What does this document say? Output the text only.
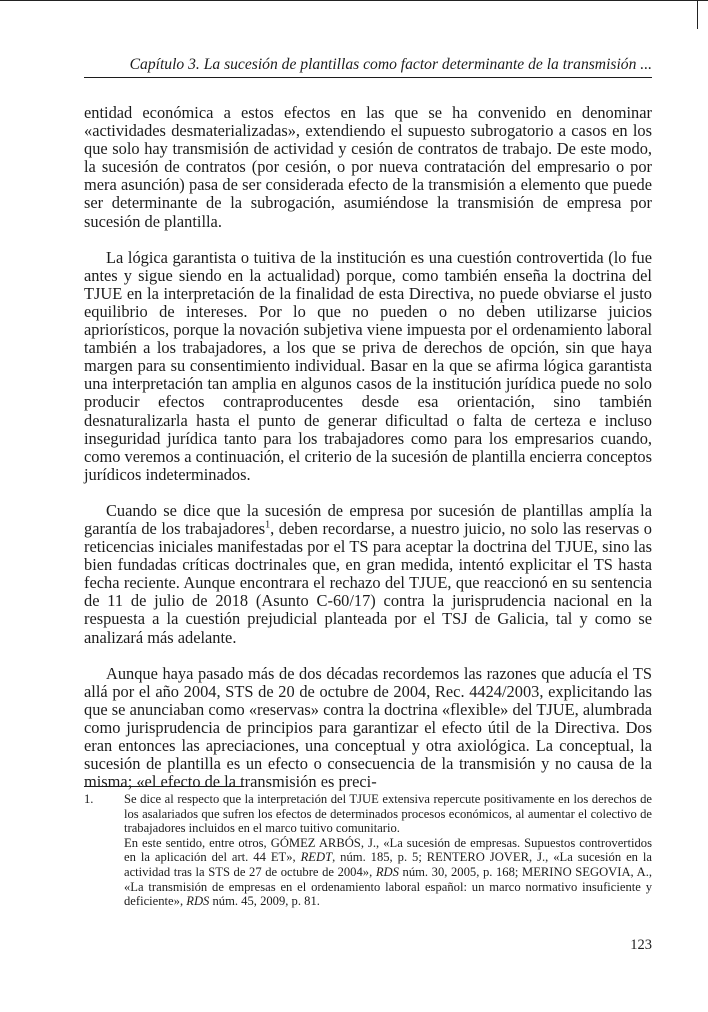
Capítulo 3. La sucesión de plantillas como factor determinante de la transmisión ...

entidad económica a estos efectos en las que se ha convenido en denominar «actividades desmaterializadas», extendiendo el supuesto subrogatorio a casos en los que solo hay transmisión de actividad y cesión de contratos de trabajo. De este modo, la sucesión de contratos (por cesión, o por nueva contratación del empresario o por mera asunción) pasa de ser considerada efecto de la transmisión a elemento que puede ser determinante de la subrogación, asumiéndose la transmisión de empresa por sucesión de plantilla.

La lógica garantista o tuitiva de la institución es una cuestión controvertida (lo fue antes y sigue siendo en la actualidad) porque, como también enseña la doctrina del TJUE en la interpretación de la finalidad de esta Directiva, no puede obviarse el justo equilibrio de intereses. Por lo que no pueden o no deben utilizarse juicios apriorísticos, porque la novación subjetiva viene impuesta por el ordenamiento laboral también a los trabajadores, a los que se priva de derechos de opción, sin que haya margen para su consentimiento individual. Basar en la que se afirma lógica garantista una interpretación tan amplia en algunos casos de la institución jurídica puede no solo producir efectos contraproducentes desde esa orientación, sino también desnaturalizarla hasta el punto de generar dificultad o falta de certeza e incluso inseguridad jurídica tanto para los trabajadores como para los empresarios cuando, como veremos a continuación, el criterio de la sucesión de plantilla encierra conceptos jurídicos indeterminados.

Cuando se dice que la sucesión de empresa por sucesión de plantillas amplía la garantía de los trabajadores$^1$, deben recordarse, a nuestro juicio, no solo las reservas o reticencias iniciales manifestadas por el TS para aceptar la doctrina del TJUE, sino las bien fundadas críticas doctrinales que, en gran medida, intentó explicitar el TS hasta fecha reciente. Aunque encontrara el rechazo del TJUE, que reaccionó en su sentencia de 11 de julio de 2018 (Asunto C-60/17) contra la jurisprudencia nacional en la respuesta a la cuestión prejudicial planteada por el TSJ de Galicia, tal y como se analizará más adelante.

Aunque haya pasado más de dos décadas recordemos las razones que aducía el TS allá por el año 2004, STS de 20 de octubre de 2004, Rec. 4424/2003, explicitando las que se anunciaban como «reservas» contra la doctrina «flexible» del TJUE, alumbrada como jurisprudencia de principios para garantizar el efecto útil de la Directiva. Dos eran entonces las apreciaciones, una conceptual y otra axiológica. La conceptual, la sucesión de plantilla es un efecto o consecuencia de la transmisión y no causa de la misma; «el efecto de la transmisión es preci-

1. Se dice al respecto que la interpretación del TJUE extensiva repercute positivamente en los derechos de los asalariados que sufren los efectos de determinados procesos económicos, al aumentar el colectivo de trabajadores incluidos en el marco tuitivo comunitario.

En este sentido, entre otros, GÓMEZ ARBÓS, J., «La sucesión de empresas. Supuestos controvertidos en la aplicación del art. 44 ET», REDT, núm. 185, p. 5; RENTERO JOVER, J., «La sucesión en la actividad tras la STS de 27 de octubre de 2004», RDS núm. 30, 2005, p. 168; MERINO SEGOVIA, A., «La transmisión de empresas en el ordenamiento laboral español: un marco normativo insuficiente y deficiente», RDS núm. 45, 2009, p. 81.

123
